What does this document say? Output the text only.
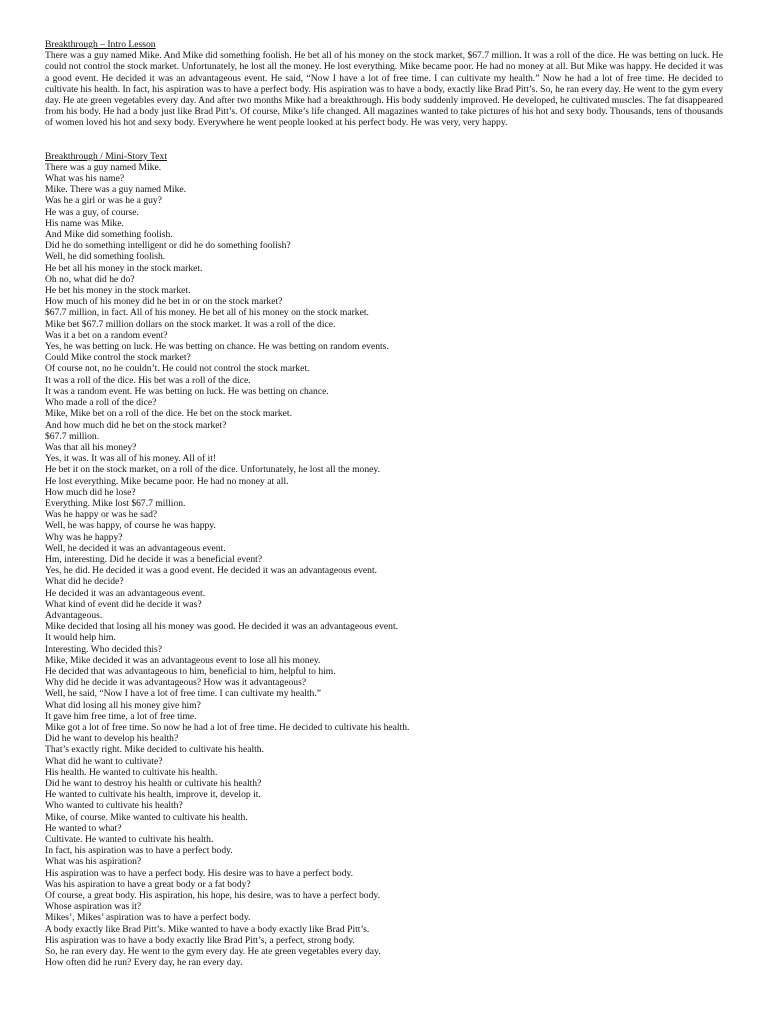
Breakthrough – Intro Lesson

There was a guy named Mike. And Mike did something foolish. He bet all of his money on the stock market, $67.7 million. It was a roll of the dice. He was betting on luck. He could not control the stock market. Unfortunately, he lost all the money. He lost everything. Mike became poor. He had no money at all. But Mike was happy. He decided it was a good event. He decided it was an advantageous event. He said, “Now I have a lot of free time. I can cultivate my health.” Now he had a lot of free time. He decided to cultivate his health. In fact, his aspiration was to have a perfect body. His aspiration was to have a body, exactly like Brad Pitt’s. So, he ran every day. He went to the gym every day. He ate green vegetables every day. And after two months Mike had a breakthrough. His body suddenly improved. He developed, he cultivated muscles. The fat disappeared from his body. He had a body just like Brad Pitt’s. Of course, Mike’s life changed. All magazines wanted to take pictures of his hot and sexy body. Thousands, tens of thousands of women loved his hot and sexy body. Everywhere he went people looked at his perfect body. He was very, very happy.

Breakthrough / Mini-Story Text
There was a guy named Mike.
What was his name?
Mike. There was a guy named Mike.
Was he a girl or was he a guy?
He was a guy, of course.
His name was Mike.
And Mike did something foolish.
Did he do something intelligent or did he do something foolish?
Well, he did something foolish.
He bet all his money in the stock market.
Oh no, what did he do?
He bet his money in the stock market.
How much of his money did he bet in or on the stock market?
$67.7 million, in fact. All of his money. He bet all of his money on the stock market.
Mike bet $67.7 million dollars on the stock market. It was a roll of the dice.
Was it a bet on a random event?
Yes, he was betting on luck. He was betting on chance. He was betting on random events.
Could Mike control the stock market?
Of course not, no he couldn’t. He could not control the stock market.
It was a roll of the dice. His bet was a roll of the dice.
It was a random event. He was betting on luck. He was betting on chance.
Who made a roll of the dice?
Mike, Mike bet on a roll of the dice. He bet on the stock market.
And how much did he bet on the stock market?
$67.7 million.
Was that all his money?
Yes, it was. It was all of his money. All of it!
He bet it on the stock market, on a roll of the dice. Unfortunately, he lost all the money.
He lost everything. Mike became poor. He had no money at all.
How much did he lose?
Everything. Mike lost $67.7 million.
Was he happy or was he sad?
Well, he was happy, of course he was happy.
Why was he happy?
Well, he decided it was an advantageous event.
Hm, interesting. Did he decide it was a beneficial event?
Yes, he did. He decided it was a good event. He decided it was an advantageous event.
What did he decide?
He decided it was an advantageous event.
What kind of event did he decide it was?
Advantageous.
Mike decided that losing all his money was good. He decided it was an advantageous event.
It would help him.
Interesting. Who decided this?
Mike, Mike decided it was an advantageous event to lose all his money.
He decided that was advantageous to him, beneficial to him, helpful to him.
Why did he decide it was advantageous? How was it advantageous?
Well, he said, “Now I have a lot of free time. I can cultivate my health.”
What did losing all his money give him?
It gave him free time, a lot of free time.
Mike got a lot of free time. So now he had a lot of free time. He decided to cultivate his health.
Did he want to develop his health?
That’s exactly right. Mike decided to cultivate his health.
What did he want to cultivate?
His health. He wanted to cultivate his health.
Did he want to destroy his health or cultivate his health?
He wanted to cultivate his health, improve it, develop it.
Who wanted to cultivate his health?
Mike, of course. Mike wanted to cultivate his health.
He wanted to what?
Cultivate. He wanted to cultivate his health.
In fact, his aspiration was to have a perfect body.
What was his aspiration?
His aspiration was to have a perfect body. His desire was to have a perfect body.
Was his aspiration to have a great body or a fat body?
Of course, a great body. His aspiration, his hope, his desire, was to have a perfect body.
Whose aspiration was it?
Mikes’, Mikes’ aspiration was to have a perfect body.
A body exactly like Brad Pitt’s. Mike wanted to have a body exactly like Brad Pitt’s.
His aspiration was to have a body exactly like Brad Pitt’s, a perfect, strong body.
So, he ran every day. He went to the gym every day. He ate green vegetables every day.
How often did he run? Every day, he ran every day.
